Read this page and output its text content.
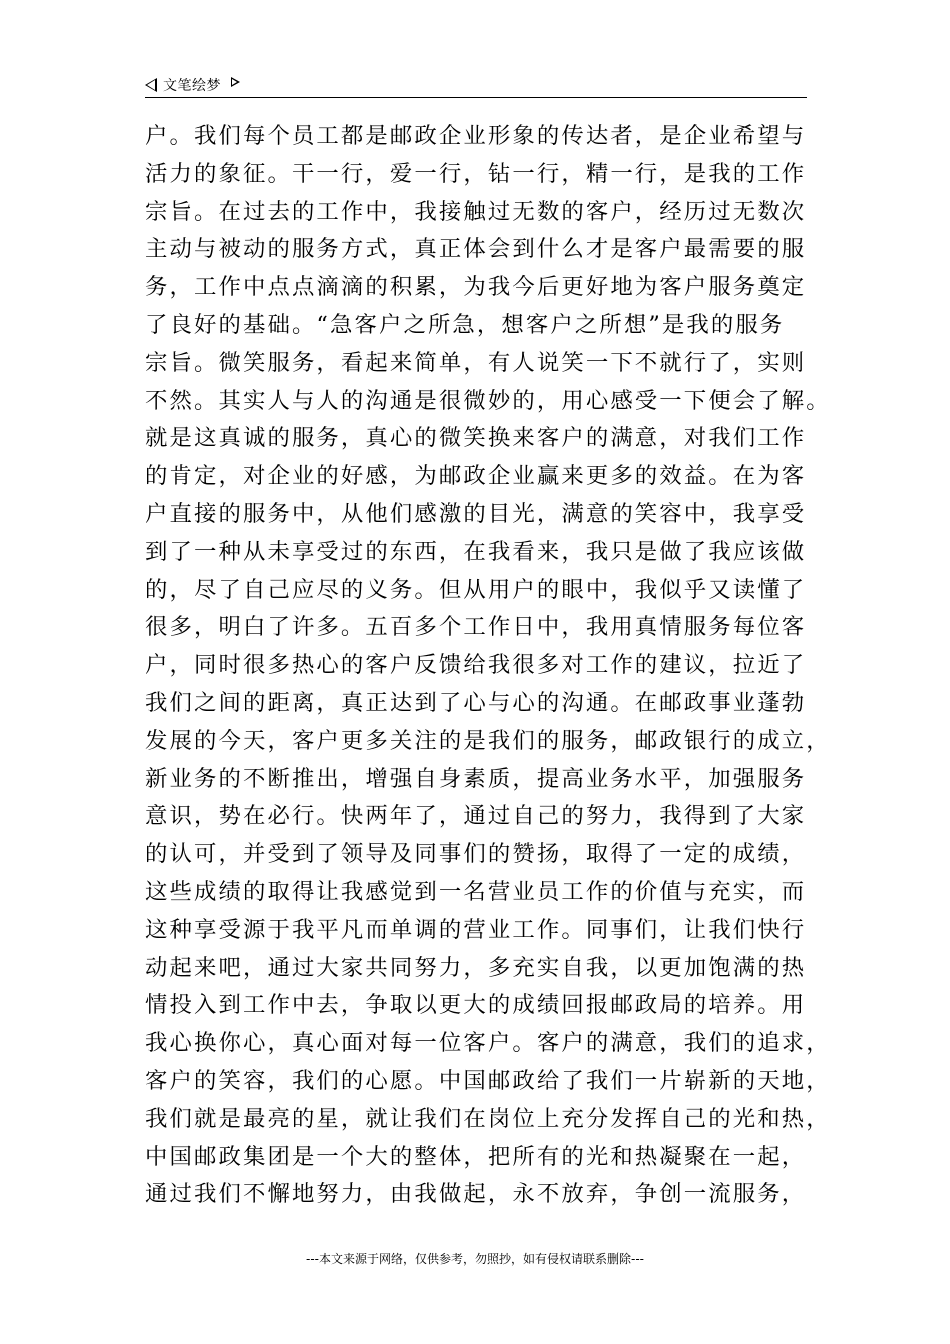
文笔绘梦
户。我们每个员工都是邮政企业形象的传达者，是企业希望与
活力的象征。干一行，爱一行，钻一行，精一行，是我的工作
宗旨。在过去的工作中，我接触过无数的客户，经历过无数次
主动与被动的服务方式，真正体会到什么才是客户最需要的服
务，工作中点点滴滴的积累，为我今后更好地为客户服务奠定
了良好的基础。“急客户之所急，想客户之所想”是我的服务
宗旨。微笑服务，看起来简单，有人说笑一下不就行了，实则
不然。其实人与人的沟通是很微妙的，用心感受一下便会了解。
就是这真诚的服务，真心的微笑换来客户的满意，对我们工作
的肯定，对企业的好感，为邮政企业赢来更多的效益。在为客
户直接的服务中，从他们感激的目光，满意的笑容中，我享受
到了一种从未享受过的东西，在我看来，我只是做了我应该做
的，尽了自己应尽的义务。但从用户的眼中，我似乎又读懂了
很多，明白了许多。五百多个工作日中，我用真情服务每位客
户，同时很多热心的客户反馈给我很多对工作的建议，拉近了
我们之间的距离，真正达到了心与心的沟通。在邮政事业蓬勃
发展的今天，客户更多关注的是我们的服务，邮政银行的成立，
新业务的不断推出，增强自身素质，提高业务水平，加强服务
意识，势在必行。快两年了，通过自己的努力，我得到了大家
的认可，并受到了领导及同事们的赞扬，取得了一定的成绩，
这些成绩的取得让我感觉到一名营业员工作的价值与充实，而
这种享受源于我平凡而单调的营业工作。同事们，让我们快行
动起来吧，通过大家共同努力，多充实自我，以更加饱满的热
情投入到工作中去，争取以更大的成绩回报邮政局的培养。用
我心换你心，真心面对每一位客户。客户的满意，我们的追求，
客户的笑容，我们的心愿。中国邮政给了我们一片崭新的天地，
我们就是最亮的星，就让我们在岗位上充分发挥自己的光和热，
中国邮政集团是一个大的整体，把所有的光和热凝聚在一起，
通过我们不懈地努力，由我做起，永不放弃，争创一流服务，
---本文来源于网络，仅供参考，勿照抄，如有侵权请联系删除---
